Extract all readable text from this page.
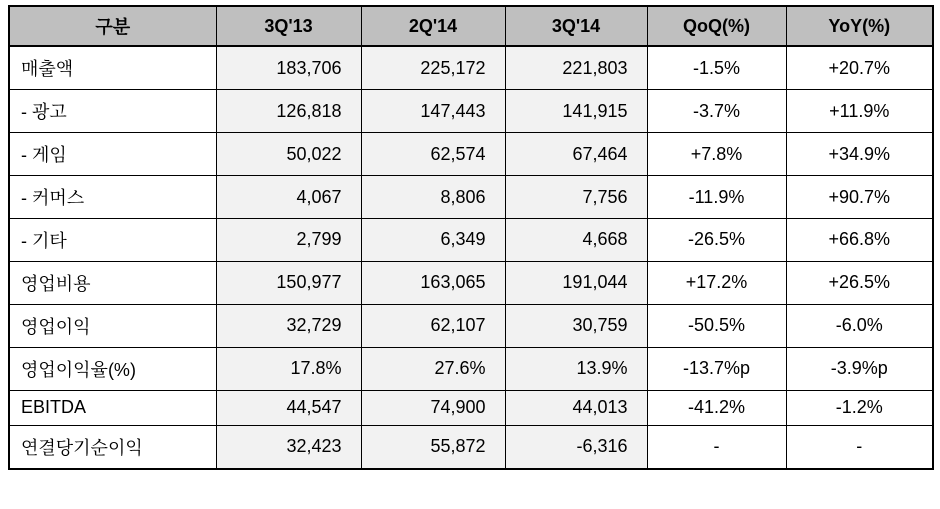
구분	3Q'13	2Q'14	3Q'14	QoQ(%)	YoY(%)
매출액	183,706	225,172	221,803	-1.5%	+20.7%
- 광고	126,818	147,443	141,915	-3.7%	+11.9%
- 게임	50,022	62,574	67,464	+7.8%	+34.9%
- 커머스	4,067	8,806	7,756	-11.9%	+90.7%
- 기타	2,799	6,349	4,668	-26.5%	+66.8%
영업비용	150,977	163,065	191,044	+17.2%	+26.5%
영업이익	32,729	62,107	30,759	-50.5%	-6.0%
영업이익율(%)	17.8%	27.6%	13.9%	-13.7%p	-3.9%p
EBITDA	44,547	74,900	44,013	-41.2%	-1.2%
연결당기순이익	32,423	55,872	-6,316	-	-
